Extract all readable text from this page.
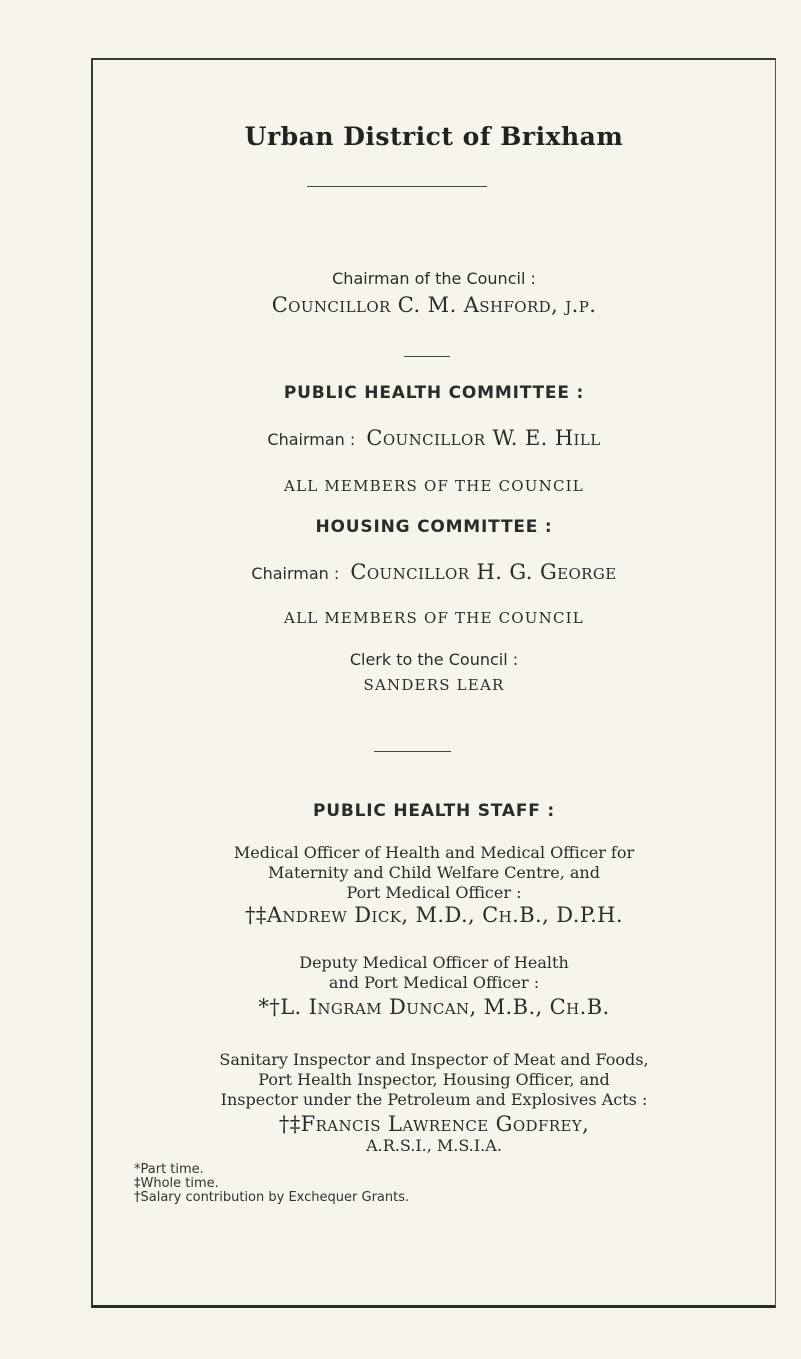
Urban District of Brixham
Chairman of the Council :
Councillor C. M. Ashford, j.p.
PUBLIC HEALTH COMMITTEE :
Chairman : Councillor W. E. Hill
ALL MEMBERS OF THE COUNCIL
HOUSING COMMITTEE :
Chairman : Councillor H. G. George
ALL MEMBERS OF THE COUNCIL
Clerk to the Council :
SANDERS LEAR
PUBLIC HEALTH STAFF :
Medical Officer of Health and Medical Officer for
Maternity and Child Welfare Centre, and
Port Medical Officer :
†‡Andrew Dick, M.D., Ch.B., D.P.H.
Deputy Medical Officer of Health
and Port Medical Officer :
*†L. Ingram Duncan, M.B., Ch.B.
Sanitary Inspector and Inspector of Meat and Foods,
Port Health Inspector, Housing Officer, and
Inspector under the Petroleum and Explosives Acts :
†‡Francis Lawrence Godfrey,
A.R.S.I., M.S.I.A.
*Part time.
‡Whole time.
†Salary contribution by Exchequer Grants.
